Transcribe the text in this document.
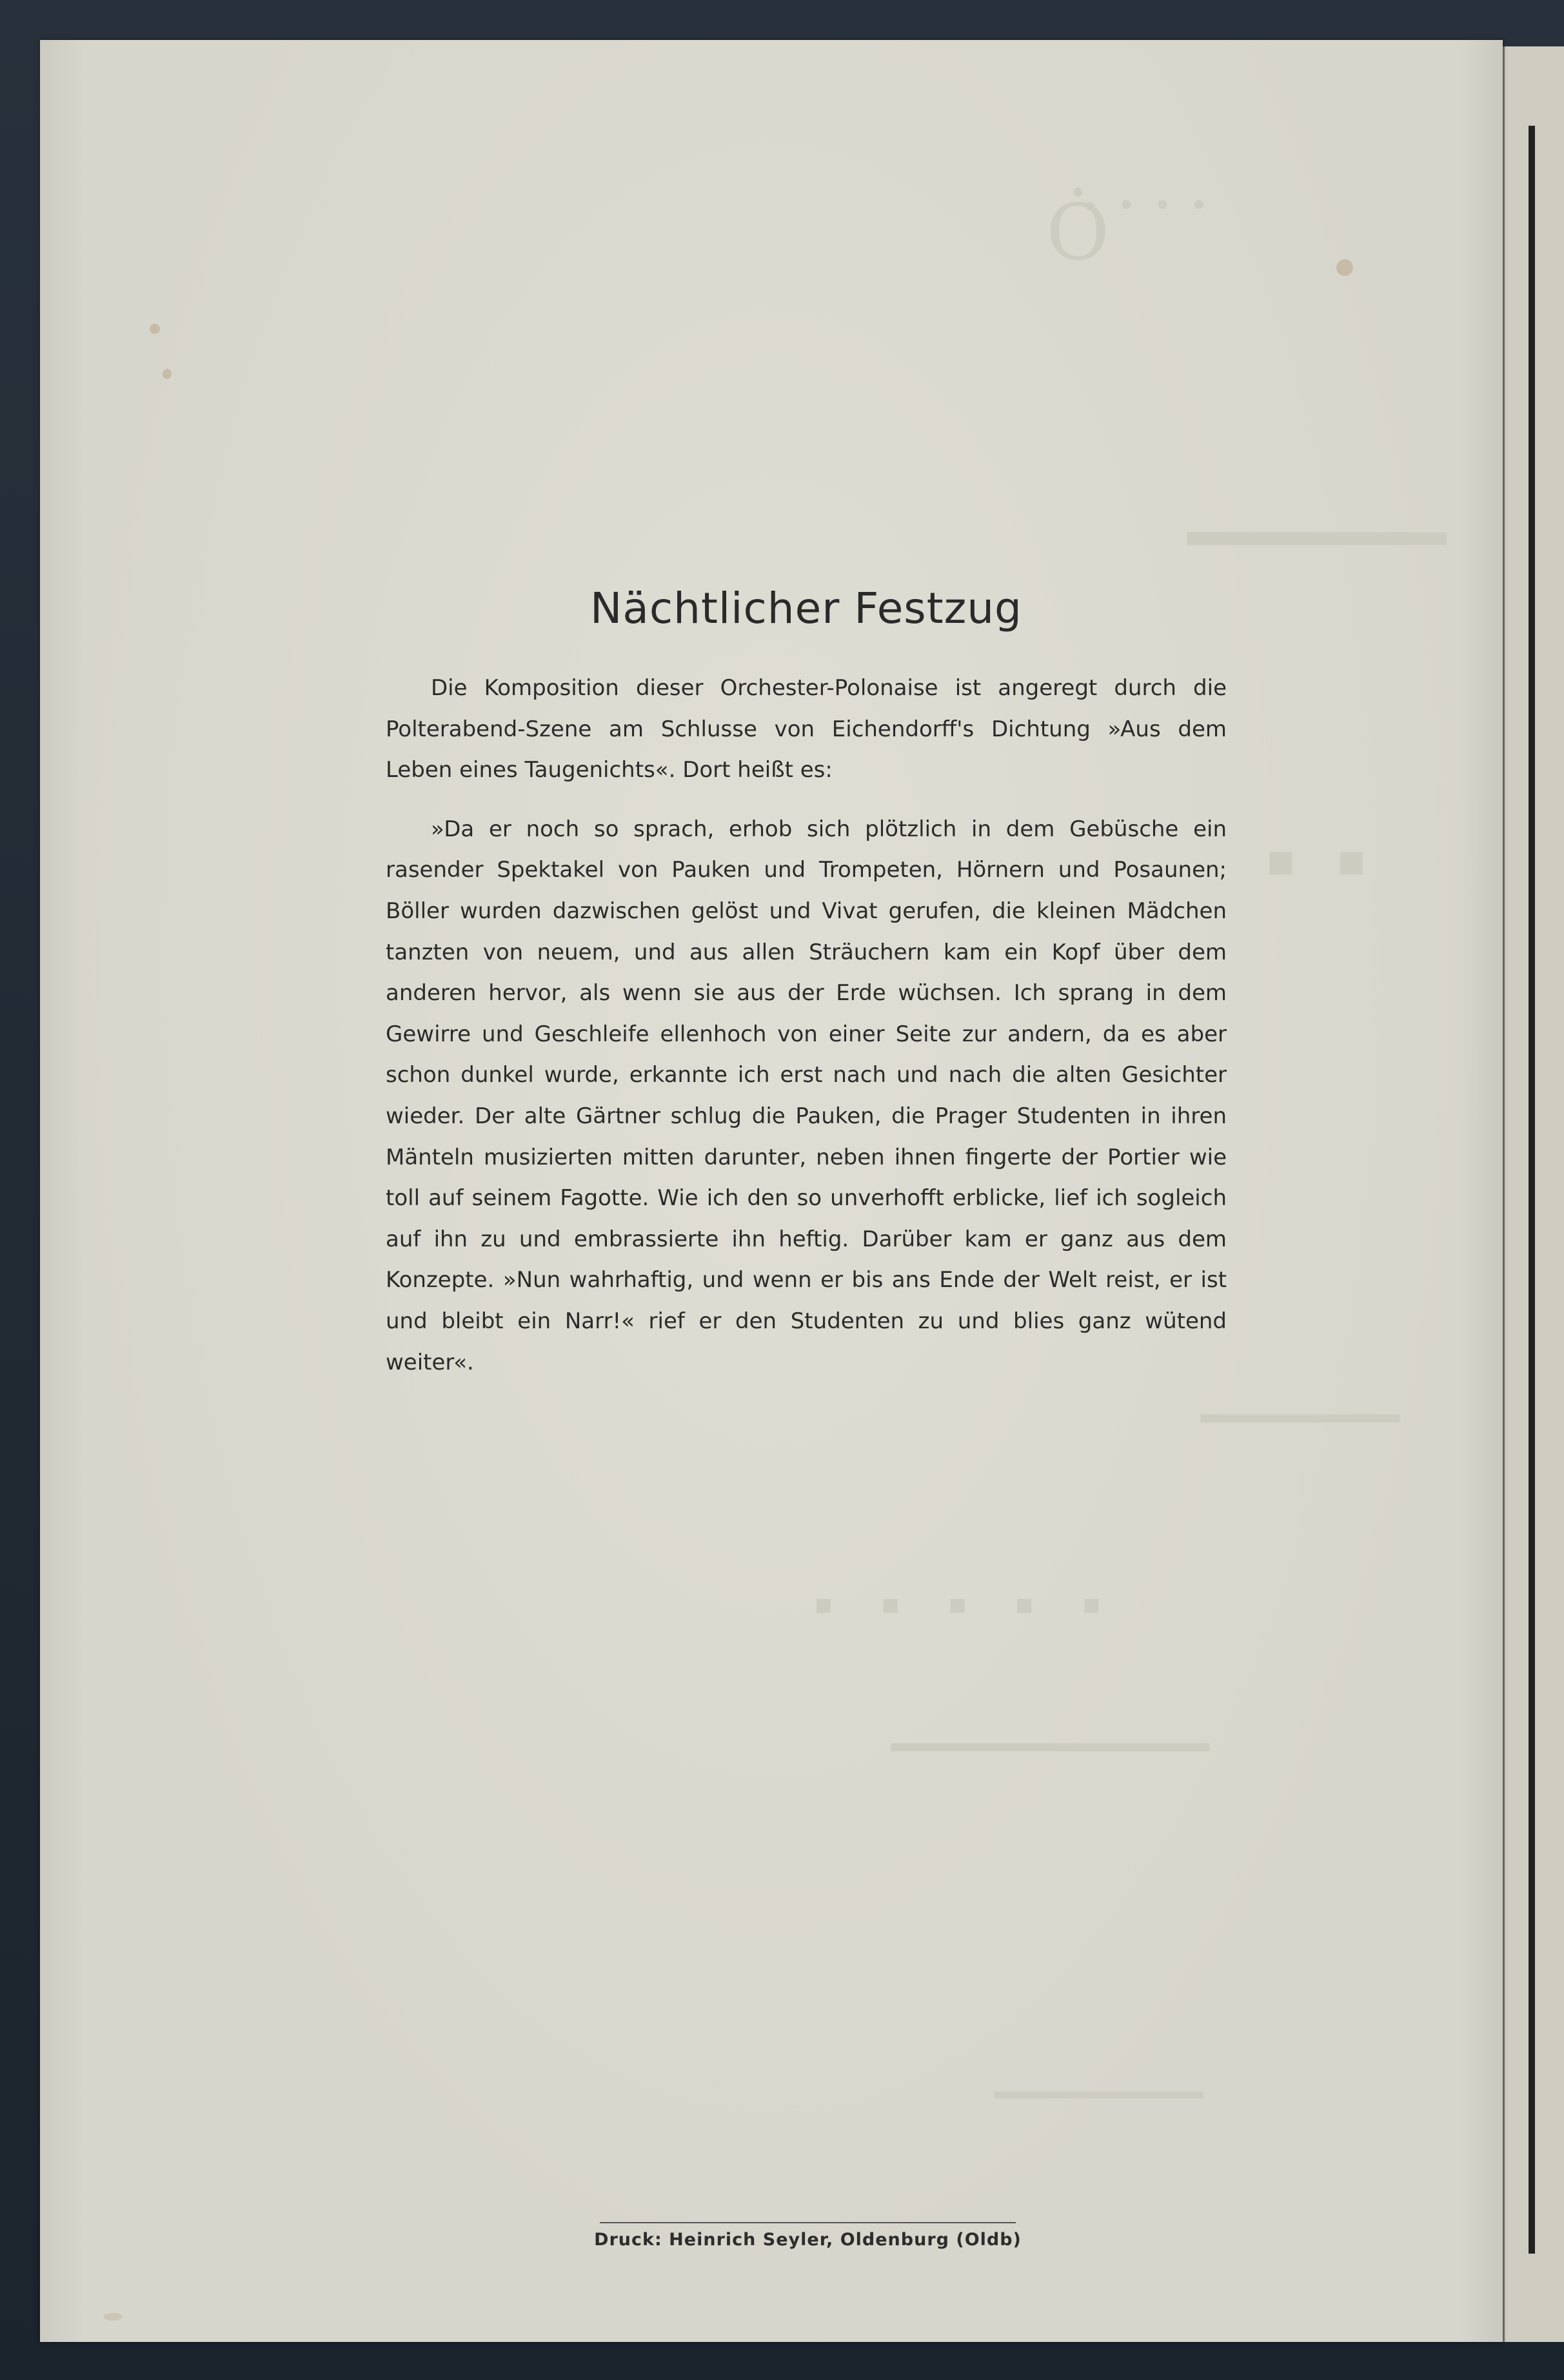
Ȯ̇ ̇ ̇ ̇
▁▁▁▁
▪ ▪
▁▁▁▁▁
▪ ▪ ▪ ▪ ▪
▁▁▁▁▁▁▁▁
▁▁▁▁▁▁
Nächtlicher Festzug

Die Komposition dieser Orchester-Polonaise ist angeregt durch die Polterabend-Szene am Schlusse von Eichendorff's Dichtung »Aus dem Leben eines Taugenichts«. Dort heißt es:

»Da er noch so sprach, erhob sich plötzlich in dem Gebüsche ein rasender Spektakel von Pauken und Trompeten, Hörnern und Posaunen; Böller wurden dazwischen gelöst und Vivat gerufen, die kleinen Mädchen tanzten von neuem, und aus allen Sträuchern kam ein Kopf über dem anderen hervor, als wenn sie aus der Erde wüchsen. Ich sprang in dem Gewirre und Geschleife ellenhoch von einer Seite zur andern, da es aber schon dunkel wurde, erkannte ich erst nach und nach die alten Gesichter wieder. Der alte Gärtner schlug die Pauken, die Prager Studenten in ihren Mänteln musizierten mitten darunter, neben ihnen fingerte der Portier wie toll auf seinem Fagotte. Wie ich den so unverhofft erblicke, lief ich sogleich auf ihn zu und embrassierte ihn heftig. Darüber kam er ganz aus dem Konzepte. »Nun wahrhaftig, und wenn er bis ans Ende der Welt reist, er ist und bleibt ein Narr!« rief er den Studenten zu und blies ganz wütend weiter«.

Druck: Heinrich Seyler, Oldenburg (Oldb)
